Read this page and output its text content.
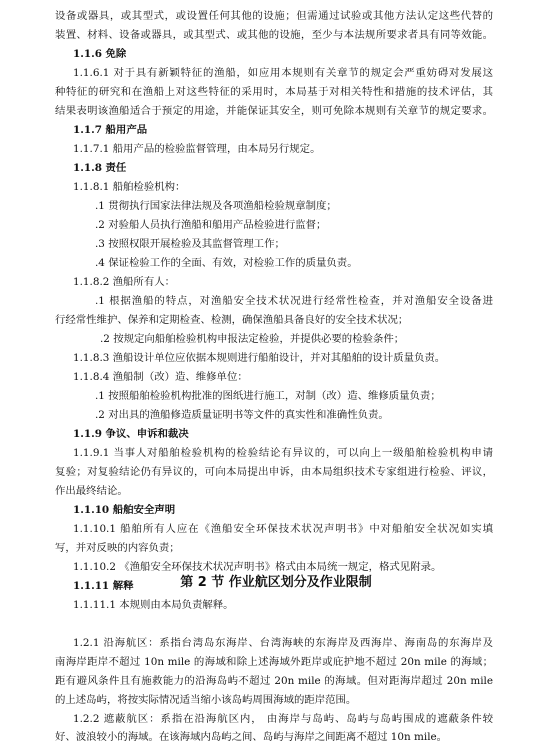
设备或器具，或其型式，或设置任何其他的设施；但需通过试验或其他方法认定这些代替的
装置、材料、设备或器具，或其型式、或其他的设施，至少与本法规所要求者具有同等效能。
1.1.6 免除
1.1.6.1 对于具有新颖特征的渔船，如应用本规则有关章节的规定会严重妨碍对发展这
种特征的研究和在渔船上对这些特征的采用时，本局基于对相关特性和措施的技术评估，其
结果表明该渔船适合于预定的用途，并能保证其安全，则可免除本规则有关章节的规定要求。
1.1.7 船用产品
1.1.7.1 船用产品的检验监督管理，由本局另行规定。
1.1.8 责任
1.1.8.1 船舶检验机构：
.1 贯彻执行国家法律法规及各项渔船检验规章制度；
.2 对验船人员执行渔船和船用产品检验进行监督；
.3 按照权限开展检验及其监督管理工作；
.4 保证检验工作的全面、有效，对检验工作的质量负责。
1.1.8.2 渔船所有人：
.1 根据渔船的特点，对渔船安全技术状况进行经常性检查，并对渔船安全设备进
行经常性维护、保养和定期检查、检测，确保渔船具备良好的安全技术状况；
.2 按规定向船舶检验机构申报法定检验，并提供必要的检验条件；
1.1.8.3 渔船设计单位应依据本规则进行船舶设计，并对其船舶的设计质量负责。
1.1.8.4 渔船制（改）造、维修单位：
.1 按照船舶检验机构批准的图纸进行施工，对制（改）造、维修质量负责；
.2 对出具的渔船修造质量证明书等文件的真实性和准确性负责。
1.1.9 争议、申诉和裁决
1.1.9.1 当事人对船舶检验机构的检验结论有异议的，可以向上一级船舶检验机构申请
复验；对复验结论仍有异议的，可向本局提出申诉，由本局组织技术专家组进行检验、评议，
作出最终结论。
1.1.10 船舶安全声明
1.1.10.1 船舶所有人应在《渔船安全环保技术状况声明书》中对船舶安全状况如实填
写，并对反映的内容负责；
1.1.10.2 《渔船安全环保技术状况声明书》格式由本局统一规定，格式见附录。
1.1.11 解释
1.1.11.1 本规则由本局负责解释。
第 2 节 作业航区划分及作业限制
1.2.1 沿海航区：系指台湾岛东海岸、台湾海峡的东海岸及西海岸、海南岛的东海岸及
南海岸距岸不超过 10n mile 的海域和除上述海域外距岸或庇护地不超过 20n mile 的海域；
距有避风条件且有施救能力的沿海岛屿不超过 20n mile 的海域。但对距海岸超过 20n mile
的上述岛屿，将按实际情况适当缩小该岛屿周围海域的距岸范围。
1.2.2 遮蔽航区：系指在沿海航区内， 由海岸与岛屿、岛屿与岛屿围成的遮蔽条件较
好、波浪较小的海域。在该海域内岛屿之间、岛屿与海岸之间距离不超过 10n mile。
